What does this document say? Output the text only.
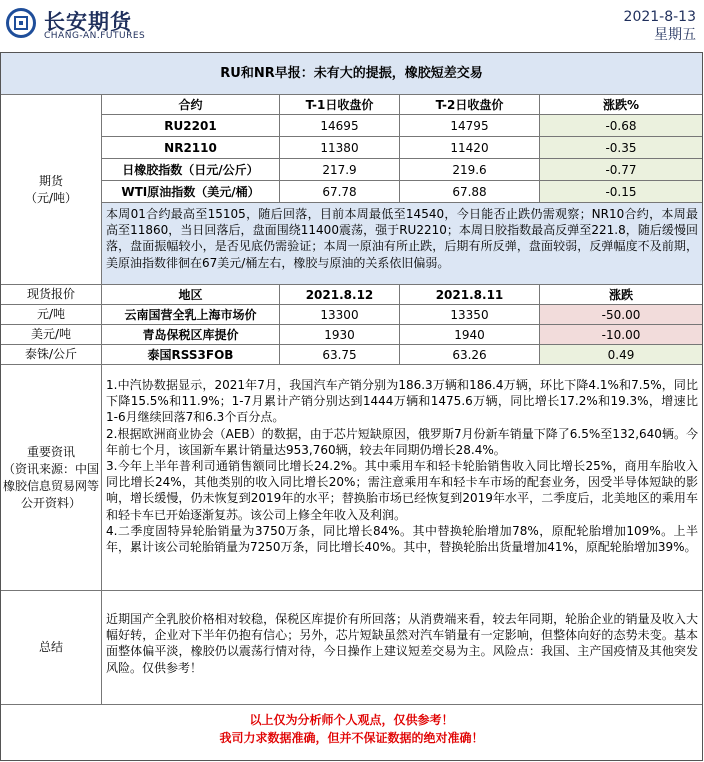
长安期货
CHANG-AN.FUTURES
2021-8-13
星期五
RU和NR早报：未有大的提振，橡胶短差交易
期货
（元/吨）
合约	T-1日收盘价	T-2日收盘价	涨跌%
RU2201	14695	14795	-0.68
NR2110	11380	11420	-0.35
日橡胶指数（日元/公斤）	217.9	219.6	-0.77
WTI原油指数（美元/桶）	67.78	67.88	-0.15
本周01合约最高至15105，随后回落，目前本周最低至14540，今日能否止跌仍需观察；NR10合约，本周最高至11860，当日回落后，盘面围绕11400震荡，强于RU2210；本周日胶指数最高反弹至221.8，随后缓慢回落，盘面振幅较小，是否见底仍需验证；本周一原油有所止跌，后期有所反弹，盘面较弱，反弹幅度不及前期，美原油指数徘徊在67美元/桶左右，橡胶与原油的关系依旧偏弱。
现货报价	地区	2021.8.12	2021.8.11	涨跌
元/吨	云南国营全乳上海市场价	13300	13350	-50.00
美元/吨	青岛保税区库提价	1930	1940	-10.00
泰铢/公斤	泰国RSS3FOB	63.75	63.26	0.49
重要资讯
（资讯来源：中国橡胶信息贸易网等公开资料）
1.中汽协数据显示，2021年7月，我国汽车产销分别为186.3万辆和186.4万辆，环比下降4.1%和7.5%，同比下降15.5%和11.9%；1-7月累计产销分别达到1444万辆和1475.6万辆，同比增长17.2%和19.3%，增速比1-6月继续回落7和6.3个百分点。
2.根据欧洲商业协会（AEB）的数据，由于芯片短缺原因，俄罗斯7月份新车销量下降了6.5%至132,640辆。今年前七个月，该国新车累计销量达953,760辆，较去年同期仍增长28.4%。
3.今年上半年普利司通销售额同比增长24.2%。其中乘用车和轻卡轮胎销售收入同比增长25%，商用车胎收入同比增长24%，其他类别的收入同比增长20%；需注意乘用车和轻卡车市场的配套业务，因受半导体短缺的影响，增长缓慢，仍未恢复到2019年的水平；替换胎市场已经恢复到2019年水平，二季度后，北美地区的乘用车和轻卡车已开始逐渐复苏。该公司上修全年收入及利润。
4.二季度固特异轮胎销量为3750万条，同比增长84%。其中替换轮胎增加78%，原配轮胎增加109%。上半年，累计该公司轮胎销量为7250万条，同比增长40%。其中，替换轮胎出货量增加41%，原配轮胎增加39%。
总结
近期国产全乳胶价格相对较稳，保税区库提价有所回落；从消费端来看，较去年同期，轮胎企业的销量及收入大幅好转，企业对下半年仍抱有信心；另外，芯片短缺虽然对汽车销量有一定影响，但整体向好的态势未变。基本面整体偏平淡，橡胶仍以震荡行情对待，今日操作上建议短差交易为主。风险点：我国、主产国疫情及其他突发风险。仅供参考！
以上仅为分析师个人观点，仅供参考！
我司力求数据准确，但并不保证数据的绝对准确！
